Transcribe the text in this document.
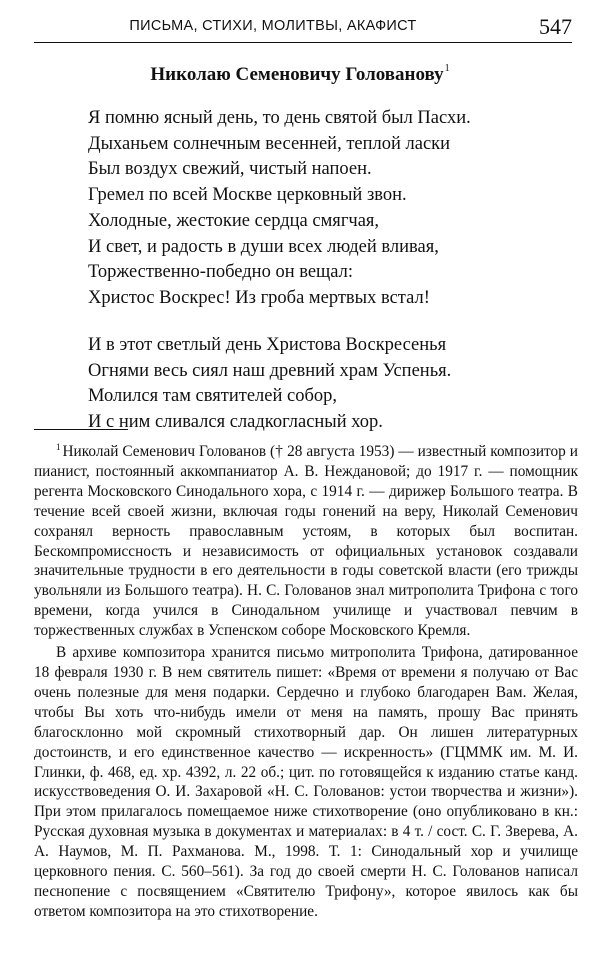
ПИСЬМА, СТИХИ, МОЛИТВЫ, АКАФИСТ	547
Николаю Семеновичу Голованову$^1$
Я помню ясный день, то день святой был Пасхи.
Дыханьем солнечным весенней, теплой ласки
Был воздух свежий, чистый напоен.
Гремел по всей Москве церковный звон.
Холодные, жестокие сердца смягчая,
И свет, и радость в души всех людей вливая,
Торжественно-победно он вещал:
Христос Воскрес! Из гроба мертвых встал!
И в этот светлый день Христова Воскресенья
Огнями весь сиял наш древний храм Успенья.
Молился там святителей собор,
И с ним сливался сладкогласный хор.

$^1$ Николай Семенович Голованов († 28 августа 1953) — известный композитор и пианист, постоянный аккомпаниатор А. В. Неждановой; до 1917 г. — помощник регента Московского Синодального хора, с 1914 г. — дирижер Большого театра. В течение всей своей жизни, включая годы гонений на веру, Николай Семенович сохранял верность православным устоям, в которых был воспитан. Бескомпромиссность и независимость от официальных установок создавали значительные трудности в его деятельности в годы советской власти (его трижды увольняли из Большого театра). Н. С. Голованов знал митрополита Трифона с того времени, когда учился в Синодальном училище и участвовал певчим в торжественных службах в Успенском соборе Московского Кремля.

В архиве композитора хранится письмо митрополита Трифона, датированное 18 февраля 1930 г. В нем святитель пишет: «Время от времени я получаю от Вас очень полезные для меня подарки. Сердечно и глубоко благодарен Вам. Желая, чтобы Вы хоть что-нибудь имели от меня на память, прошу Вас принять благосклонно мой скромный стихотворный дар. Он лишен литературных достоинств, и его единственное качество — искренность» (ГЦММК им. М. И. Глинки, ф. 468, ед. хр. 4392, л. 22 об.; цит. по готовящейся к изданию статье канд. искусствоведения О. И. Захаровой «Н. С. Голованов: устои творчества и жизни»). При этом прилагалось помещаемое ниже стихотворение (оно опубликовано в кн.: Русская духовная музыка в документах и материалах: в 4 т. / сост. С. Г. Зверева, А. А. Наумов, М. П. Рахманова. М., 1998. Т. 1: Синодальный хор и училище церковного пения. С. 560–561). За год до своей смерти Н. С. Голованов написал песнопение с посвящением «Святителю Трифону», которое явилось как бы ответом композитора на это стихотворение.
